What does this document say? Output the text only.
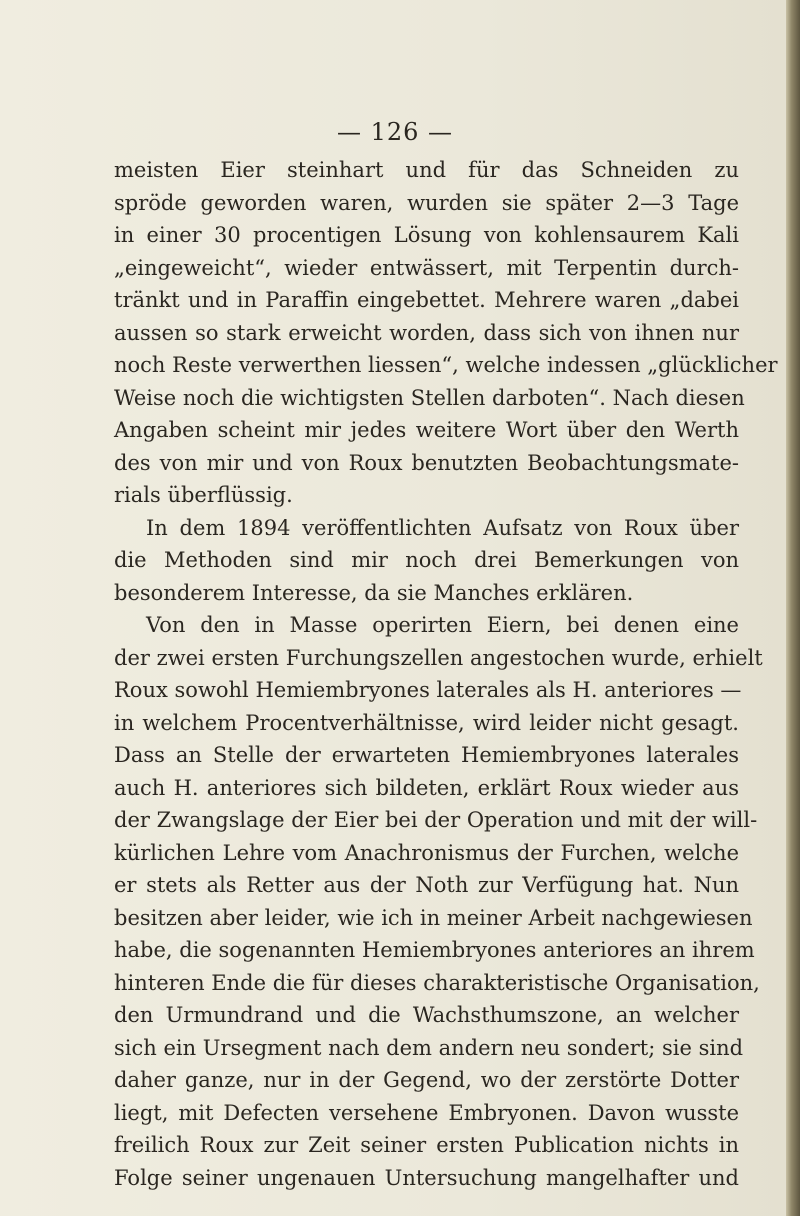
— 126 —
meisten Eier steinhart und für das Schneiden zu
spröde geworden waren, wurden sie später 2—3 Tage
in einer 30 procentigen Lösung von kohlensaurem Kali
„eingeweicht“, wieder entwässert, mit Terpentin durch-
tränkt und in Paraffin eingebettet. Mehrere waren „dabei
aussen so stark erweicht worden, dass sich von ihnen nur
noch Reste verwerthen liessen“, welche indessen „glücklicher
Weise noch die wichtigsten Stellen darboten“. Nach diesen
Angaben scheint mir jedes weitere Wort über den Werth
des von mir und von Roux benutzten Beobachtungsmate-
rials überflüssig.
In dem 1894 veröffentlichten Aufsatz von Roux über
die Methoden sind mir noch drei Bemerkungen von
besonderem Interesse, da sie Manches erklären.
Von den in Masse operirten Eiern, bei denen eine
der zwei ersten Furchungszellen angestochen wurde, erhielt
Roux sowohl Hemiembryones laterales als H. anteriores —
in welchem Procentverhältnisse, wird leider nicht gesagt.
Dass an Stelle der erwarteten Hemiembryones laterales
auch H. anteriores sich bildeten, erklärt Roux wieder aus
der Zwangslage der Eier bei der Operation und mit der will-
kürlichen Lehre vom Anachronismus der Furchen, welche
er stets als Retter aus der Noth zur Verfügung hat. Nun
besitzen aber leider, wie ich in meiner Arbeit nachgewiesen
habe, die sogenannten Hemiembryones anteriores an ihrem
hinteren Ende die für dieses charakteristische Organisation,
den Urmundrand und die Wachsthumszone, an welcher
sich ein Ursegment nach dem andern neu sondert; sie sind
daher ganze, nur in der Gegend, wo der zerstörte Dotter
liegt, mit Defecten versehene Embryonen. Davon wusste
freilich Roux zur Zeit seiner ersten Publication nichts in
Folge seiner ungenauen Untersuchung mangelhafter und
